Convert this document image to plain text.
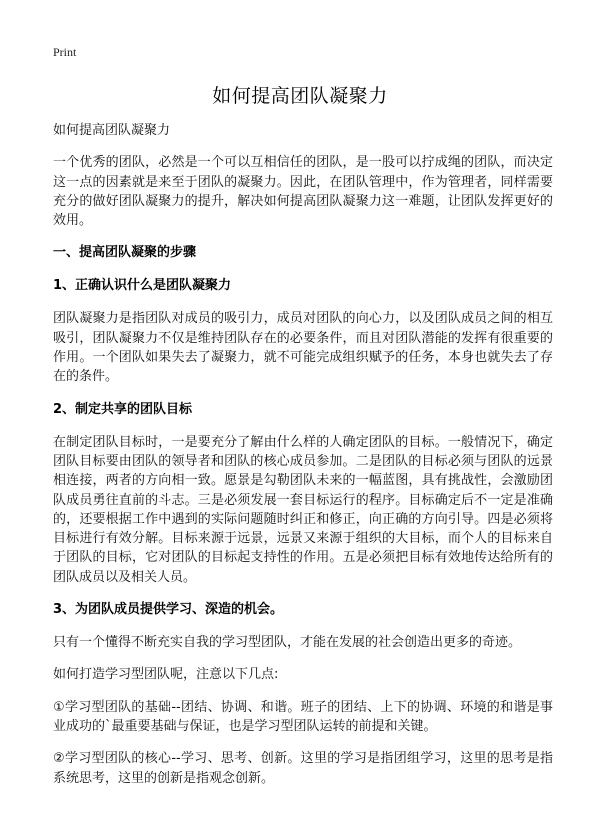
Print
如何提高团队凝聚力

如何提高团队凝聚力

一个优秀的团队，必然是一个可以互相信任的团队，是一股可以拧成绳的团队，而决定这一点的因素就是来至于团队的凝聚力。因此，在团队管理中，作为管理者，同样需要充分的做好团队凝聚力的提升，解决如何提高团队凝聚力这一难题，让团队发挥更好的效用。

一、提高团队凝聚的步骤
1、正确认识什么是团队凝聚力

团队凝聚力是指团队对成员的吸引力，成员对团队的向心力，以及团队成员之间的相互吸引，团队凝聚力不仅是维持团队存在的必要条件，而且对团队潜能的发挥有很重要的作用。一个团队如果失去了凝聚力，就不可能完成组织赋予的任务，本身也就失去了存在的条件。

2、制定共享的团队目标

在制定团队目标时，一是要充分了解由什么样的人确定团队的目标。一般情况下，确定团队目标要由团队的领导者和团队的核心成员参加。二是团队的目标必须与团队的远景相连接，两者的方向相一致。愿景是勾勒团队未来的一幅蓝图，具有挑战性，会激励团队成员勇往直前的斗志。三是必须发展一套目标运行的程序。目标确定后不一定是准确的，还要根据工作中遇到的实际问题随时纠正和修正，向正确的方向引导。四是必须将目标进行有效分解。目标来源于远景，远景又来源于组织的大目标，而个人的目标来自于团队的目标，它对团队的目标起支持性的作用。五是必须把目标有效地传达给所有的团队成员以及相关人员。

3、为团队成员提供学习、深造的机会。

只有一个懂得不断充实自我的学习型团队，才能在发展的社会创造出更多的奇迹。

如何打造学习型团队呢，注意以下几点:

①学习型团队的基础--团结、协调、和谐。班子的团结、上下的协调、环境的和谐是事业成功的`最重要基础与保证，也是学习型团队运转的前提和关键。

②学习型团队的核心--学习、思考、创新。这里的学习是指团组学习，这里的思考是指系统思考，这里的创新是指观念创新。
